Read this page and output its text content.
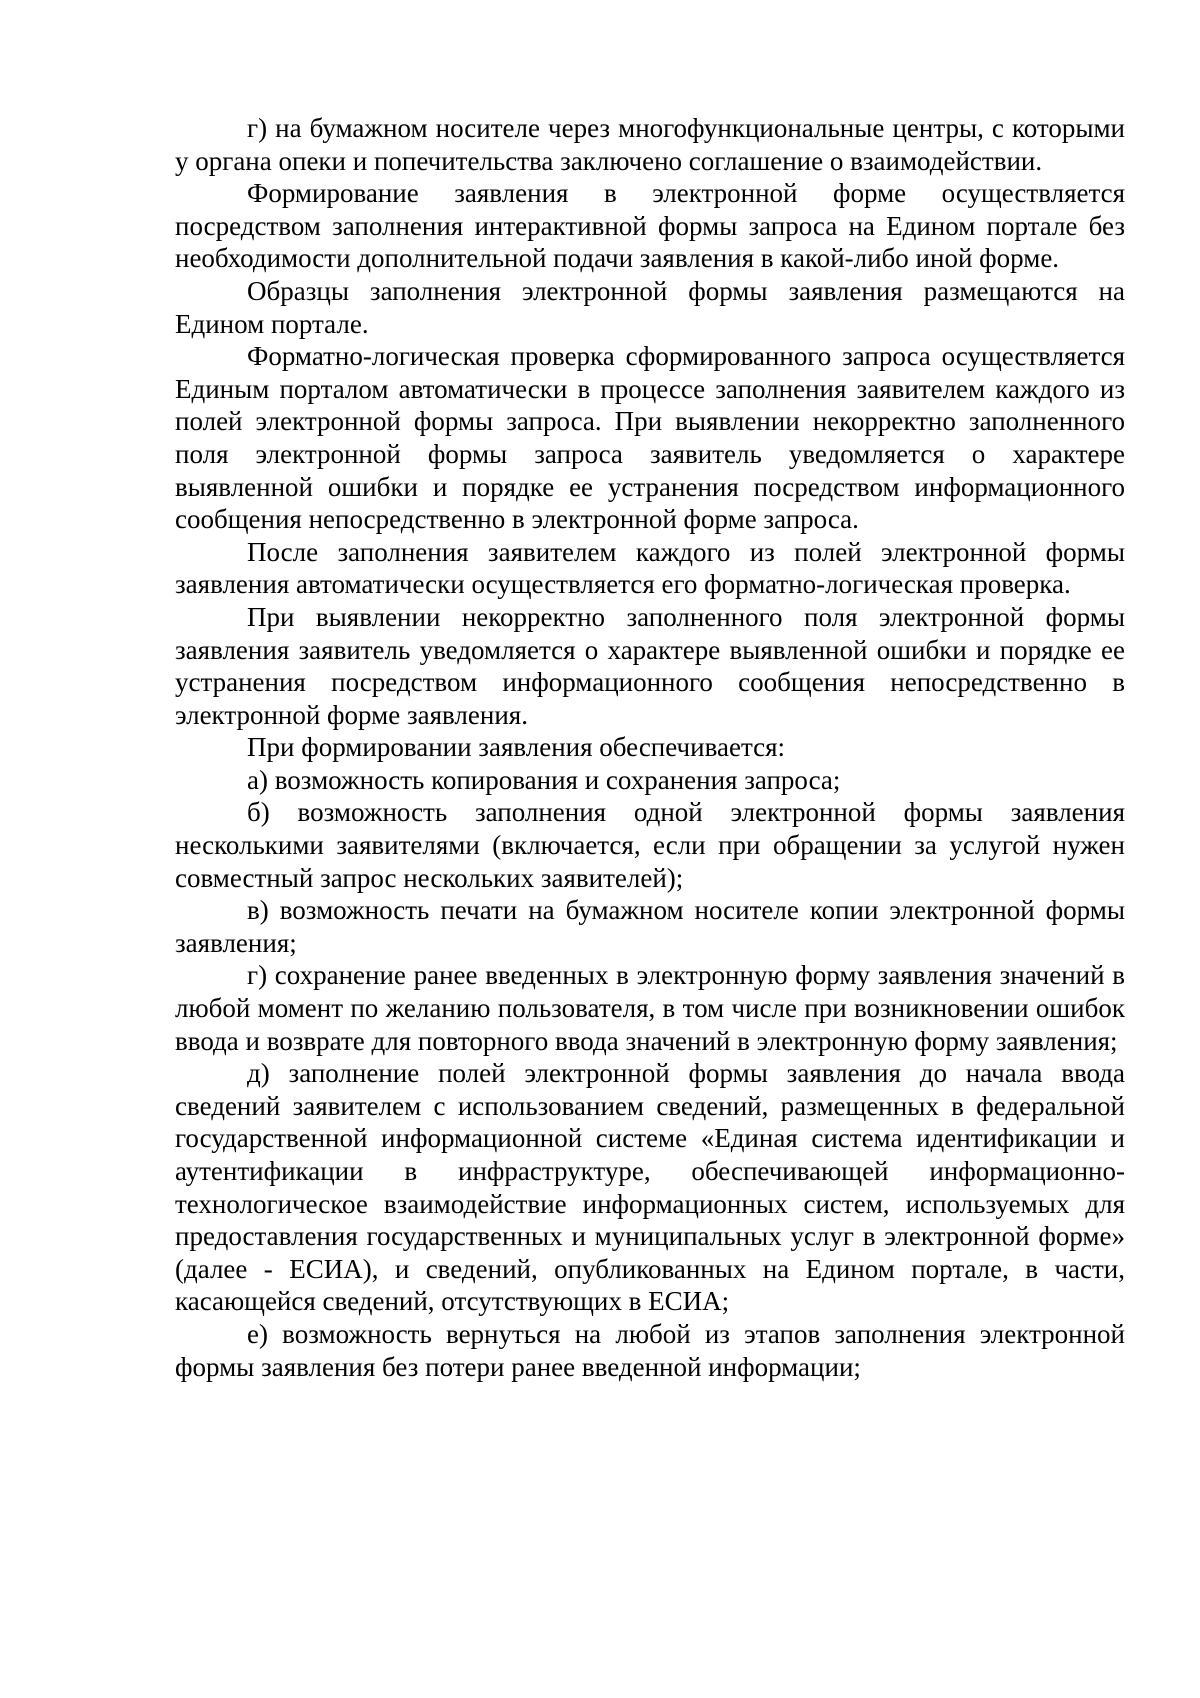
г) на бумажном носителе через многофункциональные центры, с которыми у органа опеки и попечительства заключено соглашение о взаимодействии.

Формирование заявления в электронной форме осуществляется посредством заполнения интерактивной формы запроса на Едином портале без необходимости дополнительной подачи заявления в какой-либо иной форме.

Образцы заполнения электронной формы заявления размещаются на Едином портале.

Форматно-логическая проверка сформированного запроса осуществляется Единым порталом автоматически в процессе заполнения заявителем каждого из полей электронной формы запроса. При выявлении некорректно заполненного поля электронной формы запроса заявитель уведомляется о характере выявленной ошибки и порядке ее устранения посредством информационного сообщения непосредственно в электронной форме запроса.

После заполнения заявителем каждого из полей электронной формы заявления автоматически осуществляется его форматно-логическая проверка.

При выявлении некорректно заполненного поля электронной формы заявления заявитель уведомляется о характере выявленной ошибки и порядке ее устранения посредством информационного сообщения непосредственно в электронной форме заявления.

При формировании заявления обеспечивается:

а) возможность копирования и сохранения запроса;

б) возможность заполнения одной электронной формы заявления несколькими заявителями (включается, если при обращении за услугой нужен совместный запрос нескольких заявителей);

в) возможность печати на бумажном носителе копии электронной формы заявления;

г) сохранение ранее введенных в электронную форму заявления значений в любой момент по желанию пользователя, в том числе при возникновении ошибок ввода и возврате для повторного ввода значений в электронную форму заявления;

д) заполнение полей электронной формы заявления до начала ввода сведений заявителем с использованием сведений, размещенных в федеральной государственной информационной системе «Единая система идентификации и аутентификации в инфраструктуре, обеспечивающей информационно-технологическое взаимодействие информационных систем, используемых для предоставления государственных и муниципальных услуг в электронной форме» (далее - ЕСИА), и сведений, опубликованных на Едином портале, в части, касающейся сведений, отсутствующих в ЕСИА;

е) возможность вернуться на любой из этапов заполнения электронной формы заявления без потери ранее введенной информации;
